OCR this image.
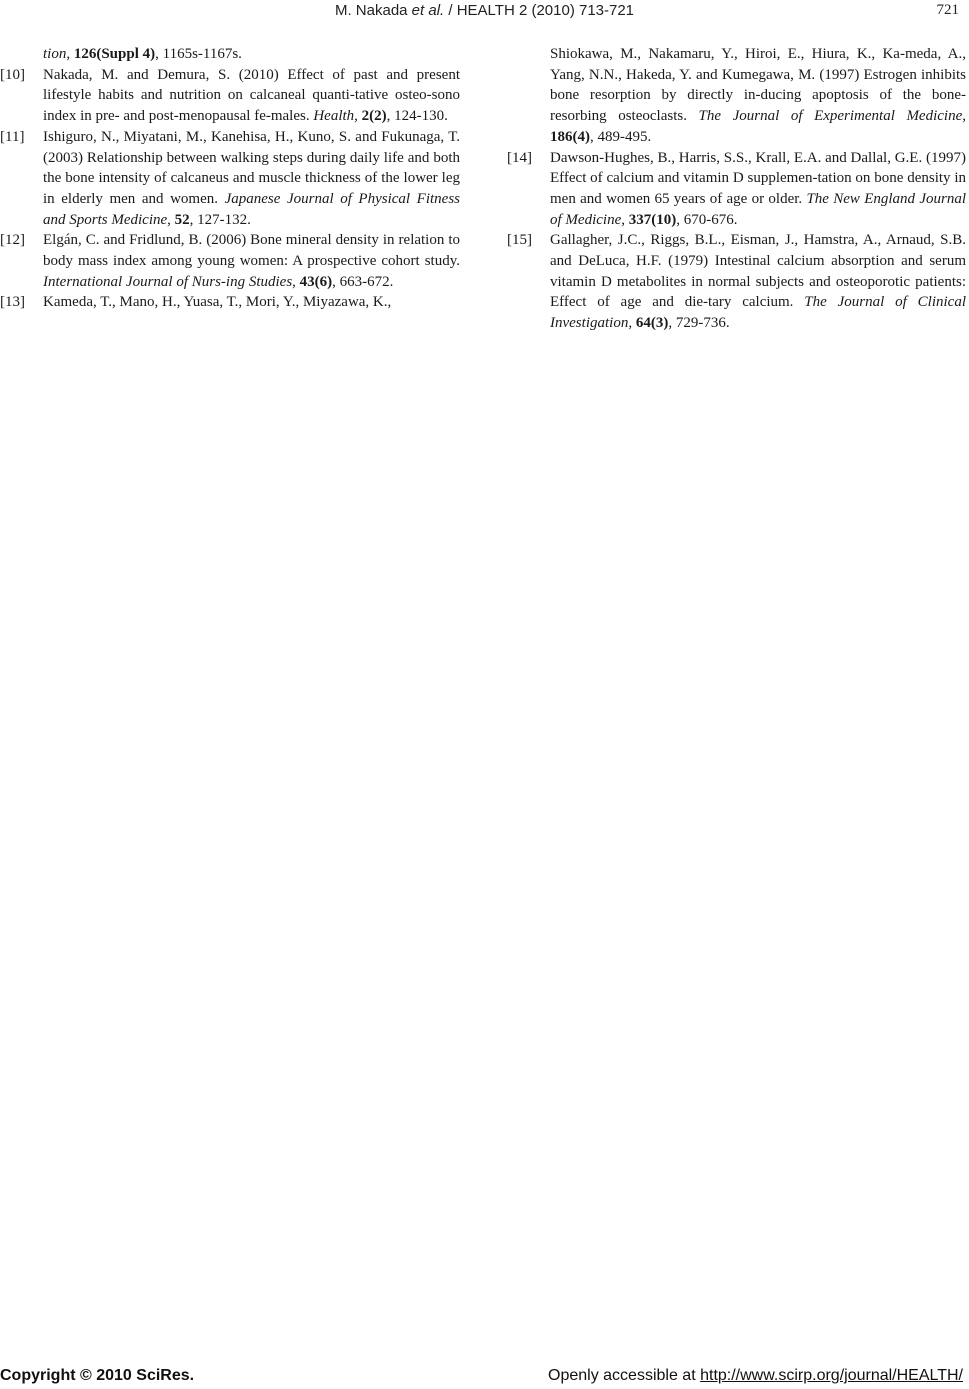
M. Nakada et al. / HEALTH 2 (2010) 713-721	721

tion, 126(Suppl 4), 1165s-1167s.

[10] Nakada, M. and Demura, S. (2010) Effect of past and present lifestyle habits and nutrition on calcaneal quanti-tative osteo-sono index in pre- and post-menopausal fe-males. Health, 2(2), 124-130.

[11] Ishiguro, N., Miyatani, M., Kanehisa, H., Kuno, S. and Fukunaga, T. (2003) Relationship between walking steps during daily life and both the bone intensity of calcaneus and muscle thickness of the lower leg in elderly men and women. Japanese Journal of Physical Fitness and Sports Medicine, 52, 127-132.

[12] Elgán, C. and Fridlund, B. (2006) Bone mineral density in relation to body mass index among young women: A prospective cohort study. International Journal of Nurs-ing Studies, 43(6), 663-672.

[13] Kameda, T., Mano, H., Yuasa, T., Mori, Y., Miyazawa, K.,

Shiokawa, M., Nakamaru, Y., Hiroi, E., Hiura, K., Ka-meda, A., Yang, N.N., Hakeda, Y. and Kumegawa, M. (1997) Estrogen inhibits bone resorption by directly in-ducing apoptosis of the bone-resorbing osteoclasts. The Journal of Experimental Medicine, 186(4), 489-495.

[14] Dawson-Hughes, B., Harris, S.S., Krall, E.A. and Dallal, G.E. (1997) Effect of calcium and vitamin D supplemen-tation on bone density in men and women 65 years of age or older. The New England Journal of Medicine, 337(10), 670-676.

[15] Gallagher, J.C., Riggs, B.L., Eisman, J., Hamstra, A., Arnaud, S.B. and DeLuca, H.F. (1979) Intestinal calcium absorption and serum vitamin D metabolites in normal subjects and osteoporotic patients: Effect of age and die-tary calcium. The Journal of Clinical Investigation, 64(3), 729-736.

Copyright © 2010 SciRes.	Openly accessible at http://www.scirp.org/journal/HEALTH/
